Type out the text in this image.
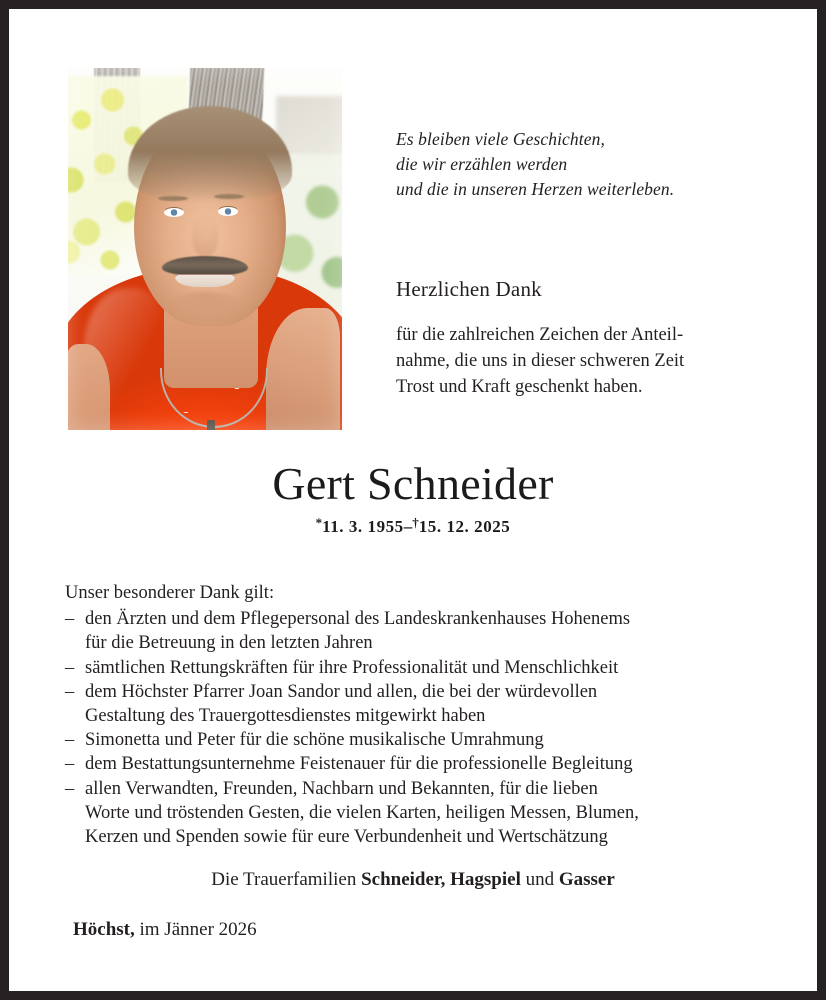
Es bleiben viele Geschichten,
die wir erzählen werden
und die in unseren Herzen weiterleben.
Herzlichen Dank
für die zahlreichen Zeichen der Anteil-
nahme, die uns in dieser schweren Zeit
Trost und Kraft geschenkt haben.
Gert Schneider
*11. 3. 1955–†15. 12. 2025
Unser besonderer Dank gilt:
– den Ärzten und dem Pflegepersonal des Landeskrankenhauses Hohenems
für die Betreuung in den letzten Jahren
– sämtlichen Rettungskräften für ihre Professionalität und Menschlichkeit
– dem Höchster Pfarrer Joan Sandor und allen, die bei der würdevollen
Gestaltung des Trauergottesdienstes mitgewirkt haben
– Simonetta und Peter für die schöne musikalische Umrahmung
– dem Bestattungsunternehme Feistenauer für die professionelle Begleitung
– allen Verwandten, Freunden, Nachbarn und Bekannten, für die lieben
Worte und tröstenden Gesten, die vielen Karten, heiligen Messen, Blumen,
Kerzen und Spenden sowie für eure Verbundenheit und Wertschätzung
Die Trauerfamilien Schneider, Hagspiel und Gasser
Höchst, im Jänner 2026
